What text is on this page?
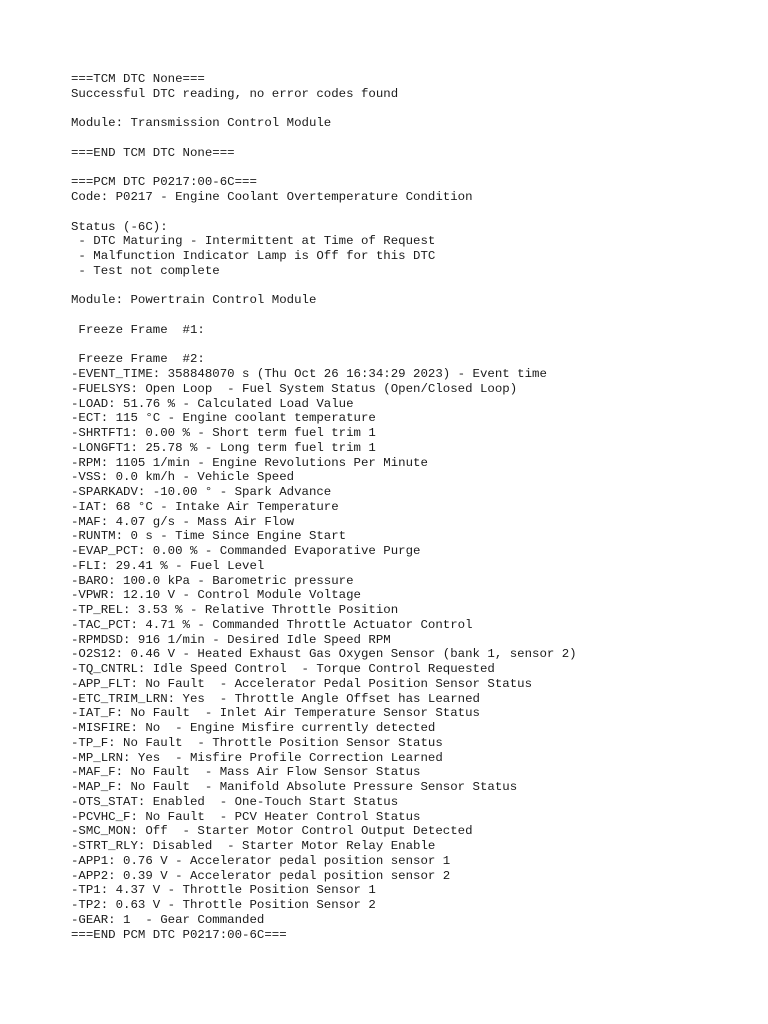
===TCM DTC None===
Successful DTC reading, no error codes found
Module: Transmission Control Module
===END TCM DTC None===
===PCM DTC P0217:00-6C===
Code: P0217 - Engine Coolant Overtemperature Condition
Status (-6C):
- DTC Maturing - Intermittent at Time of Request
- Malfunction Indicator Lamp is Off for this DTC
- Test not complete
Module: Powertrain Control Module
Freeze Frame  #1:
Freeze Frame  #2:
-EVENT_TIME: 358848070 s (Thu Oct 26 16:34:29 2023) - Event time
-FUELSYS: Open Loop  - Fuel System Status (Open/Closed Loop)
-LOAD: 51.76 % - Calculated Load Value
-ECT: 115 °C - Engine coolant temperature
-SHRTFT1: 0.00 % - Short term fuel trim 1
-LONGFT1: 25.78 % - Long term fuel trim 1
-RPM: 1105 1/min - Engine Revolutions Per Minute
-VSS: 0.0 km/h - Vehicle Speed
-SPARKADV: -10.00 ° - Spark Advance
-IAT: 68 °C - Intake Air Temperature
-MAF: 4.07 g/s - Mass Air Flow
-RUNTM: 0 s - Time Since Engine Start
-EVAP_PCT: 0.00 % - Commanded Evaporative Purge
-FLI: 29.41 % - Fuel Level
-BARO: 100.0 kPa - Barometric pressure
-VPWR: 12.10 V - Control Module Voltage
-TP_REL: 3.53 % - Relative Throttle Position
-TAC_PCT: 4.71 % - Commanded Throttle Actuator Control
-RPMDSD: 916 1/min - Desired Idle Speed RPM
-O2S12: 0.46 V - Heated Exhaust Gas Oxygen Sensor (bank 1, sensor 2)
-TQ_CNTRL: Idle Speed Control  - Torque Control Requested
-APP_FLT: No Fault  - Accelerator Pedal Position Sensor Status
-ETC_TRIM_LRN: Yes  - Throttle Angle Offset has Learned
-IAT_F: No Fault  - Inlet Air Temperature Sensor Status
-MISFIRE: No  - Engine Misfire currently detected
-TP_F: No Fault  - Throttle Position Sensor Status
-MP_LRN: Yes  - Misfire Profile Correction Learned
-MAF_F: No Fault  - Mass Air Flow Sensor Status
-MAP_F: No Fault  - Manifold Absolute Pressure Sensor Status
-OTS_STAT: Enabled  - One-Touch Start Status
-PCVHC_F: No Fault  - PCV Heater Control Status
-SMC_MON: Off  - Starter Motor Control Output Detected
-STRT_RLY: Disabled  - Starter Motor Relay Enable
-APP1: 0.76 V - Accelerator pedal position sensor 1
-APP2: 0.39 V - Accelerator pedal position sensor 2
-TP1: 4.37 V - Throttle Position Sensor 1
-TP2: 0.63 V - Throttle Position Sensor 2
-GEAR: 1  - Gear Commanded
===END PCM DTC P0217:00-6C===
